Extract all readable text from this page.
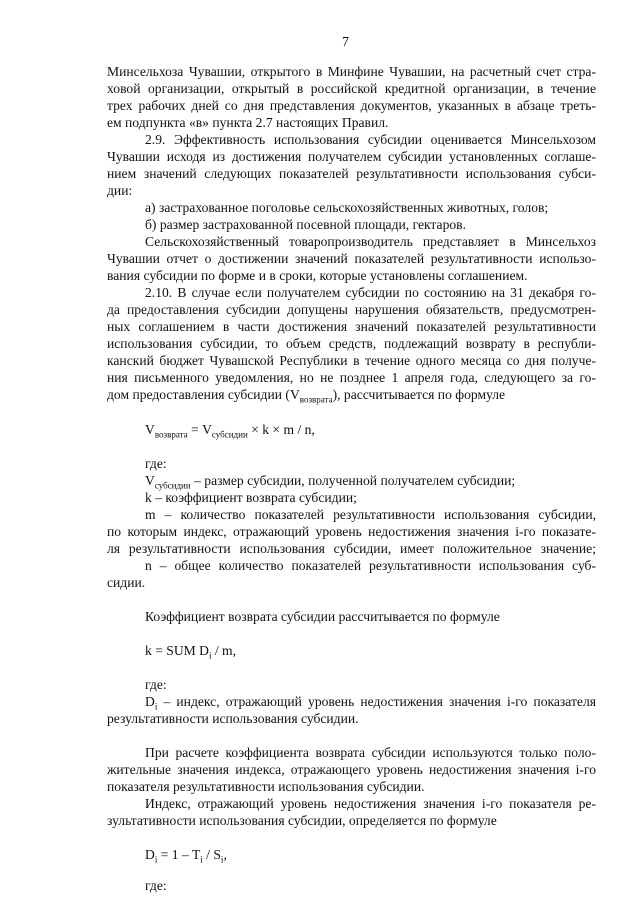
7
Минсельхоза Чувашии, открытого в Минфине Чувашии, на расчетный счет стра-
ховой организации, открытый в российской кредитной организации, в течение
трех рабочих дней со дня представления документов, указанных в абзаце треть-
ем подпункта «в» пункта 2.7 настоящих Правил.
2.9. Эффективность использования субсидии оценивается Минсельхозом
Чувашии исходя из достижения получателем субсидии установленных соглаше-
нием значений следующих показателей результативности использования субси-
дии:
а) застрахованное поголовье сельскохозяйственных животных, голов;
б) размер застрахованной посевной площади, гектаров.
Сельскохозяйственный товаропроизводитель представляет в Минсельхоз
Чувашии отчет о достижении значений показателей результативности использо-
вания субсидии по форме и в сроки, которые установлены соглашением.
2.10. В случае если получателем субсидии по состоянию на 31 декабря го-
да предоставления субсидии допущены нарушения обязательств, предусмотрен-
ных соглашением в части достижения значений показателей результативности
использования субсидии, то объем средств, подлежащий возврату в республи-
канский бюджет Чувашской Республики в течение одного месяца со дня получе-
ния письменного уведомления, но не позднее 1 апреля года, следующего за го-
дом предоставления субсидии $(V_{возврата})$, рассчитывается по формуле
$V_{возврата} = V_{субсидии} \times k \times m / n$,
где:
$V_{субсидии}$ – размер субсидии, полученной получателем субсидии;
k – коэффициент возврата субсидии;
m – количество показателей результативности использования субсидии,
по которым индекс, отражающий уровень недостижения значения i-го показате-
ля результативности использования субсидии, имеет положительное значение;
n – общее количество показателей результативности использования суб-
сидии.
Коэффициент возврата субсидии рассчитывается по формуле
k = SUM $D_i$ / m,
где:
$D_i$ – индекс, отражающий уровень недостижения значения i-го показателя
результативности использования субсидии.
При расчете коэффициента возврата субсидии используются только поло-
жительные значения индекса, отражающего уровень недостижения значения i-го
показателя результативности использования субсидии.
Индекс, отражающий уровень недостижения значения i-го показателя ре-
зультативности использования субсидии, определяется по формуле
$D_i = 1 - T_i / S_i$,
где:
